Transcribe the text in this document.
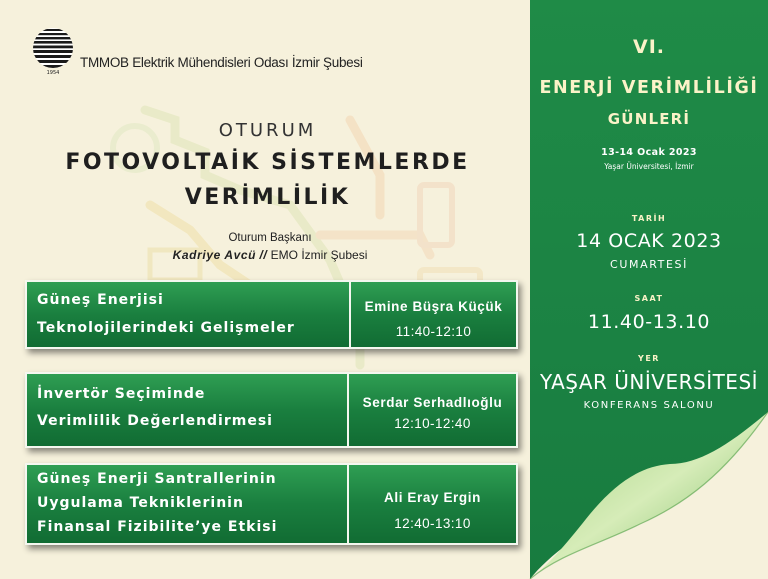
1954
TMMOB Elektrik Mühendisleri Odası İzmir Şubesi
OTURUM
FOTOVOLTAİK SİSTEMLERDE
VERİMLİLİK
Oturum Başkanı
Kadriye Avcü // EMO İzmir Şubesi
Güneş Enerjisi
Teknolojilerindeki Gelişmeler
Emine Büşra Küçük
11:40-12:10
İnvertör Seçiminde
Verimlilik Değerlendirmesi
Serdar Serhadlıoğlu
12:10-12:40
Güneş Enerji Santrallerinin
Uygulama Tekniklerinin
Finansal Fizibilite’ye Etkisi
Ali Eray Ergin
12:40-13:10
VI.
ENERJİ VERİMLİLİĞİ
GÜNLERİ
13-14 Ocak 2023
Yaşar Üniversitesi, İzmir
TARİH
14 OCAK 2023
CUMARTESİ
SAAT
11.40-13.10
YER
YAŞAR ÜNİVERSİTESİ
KONFERANS SALONU
